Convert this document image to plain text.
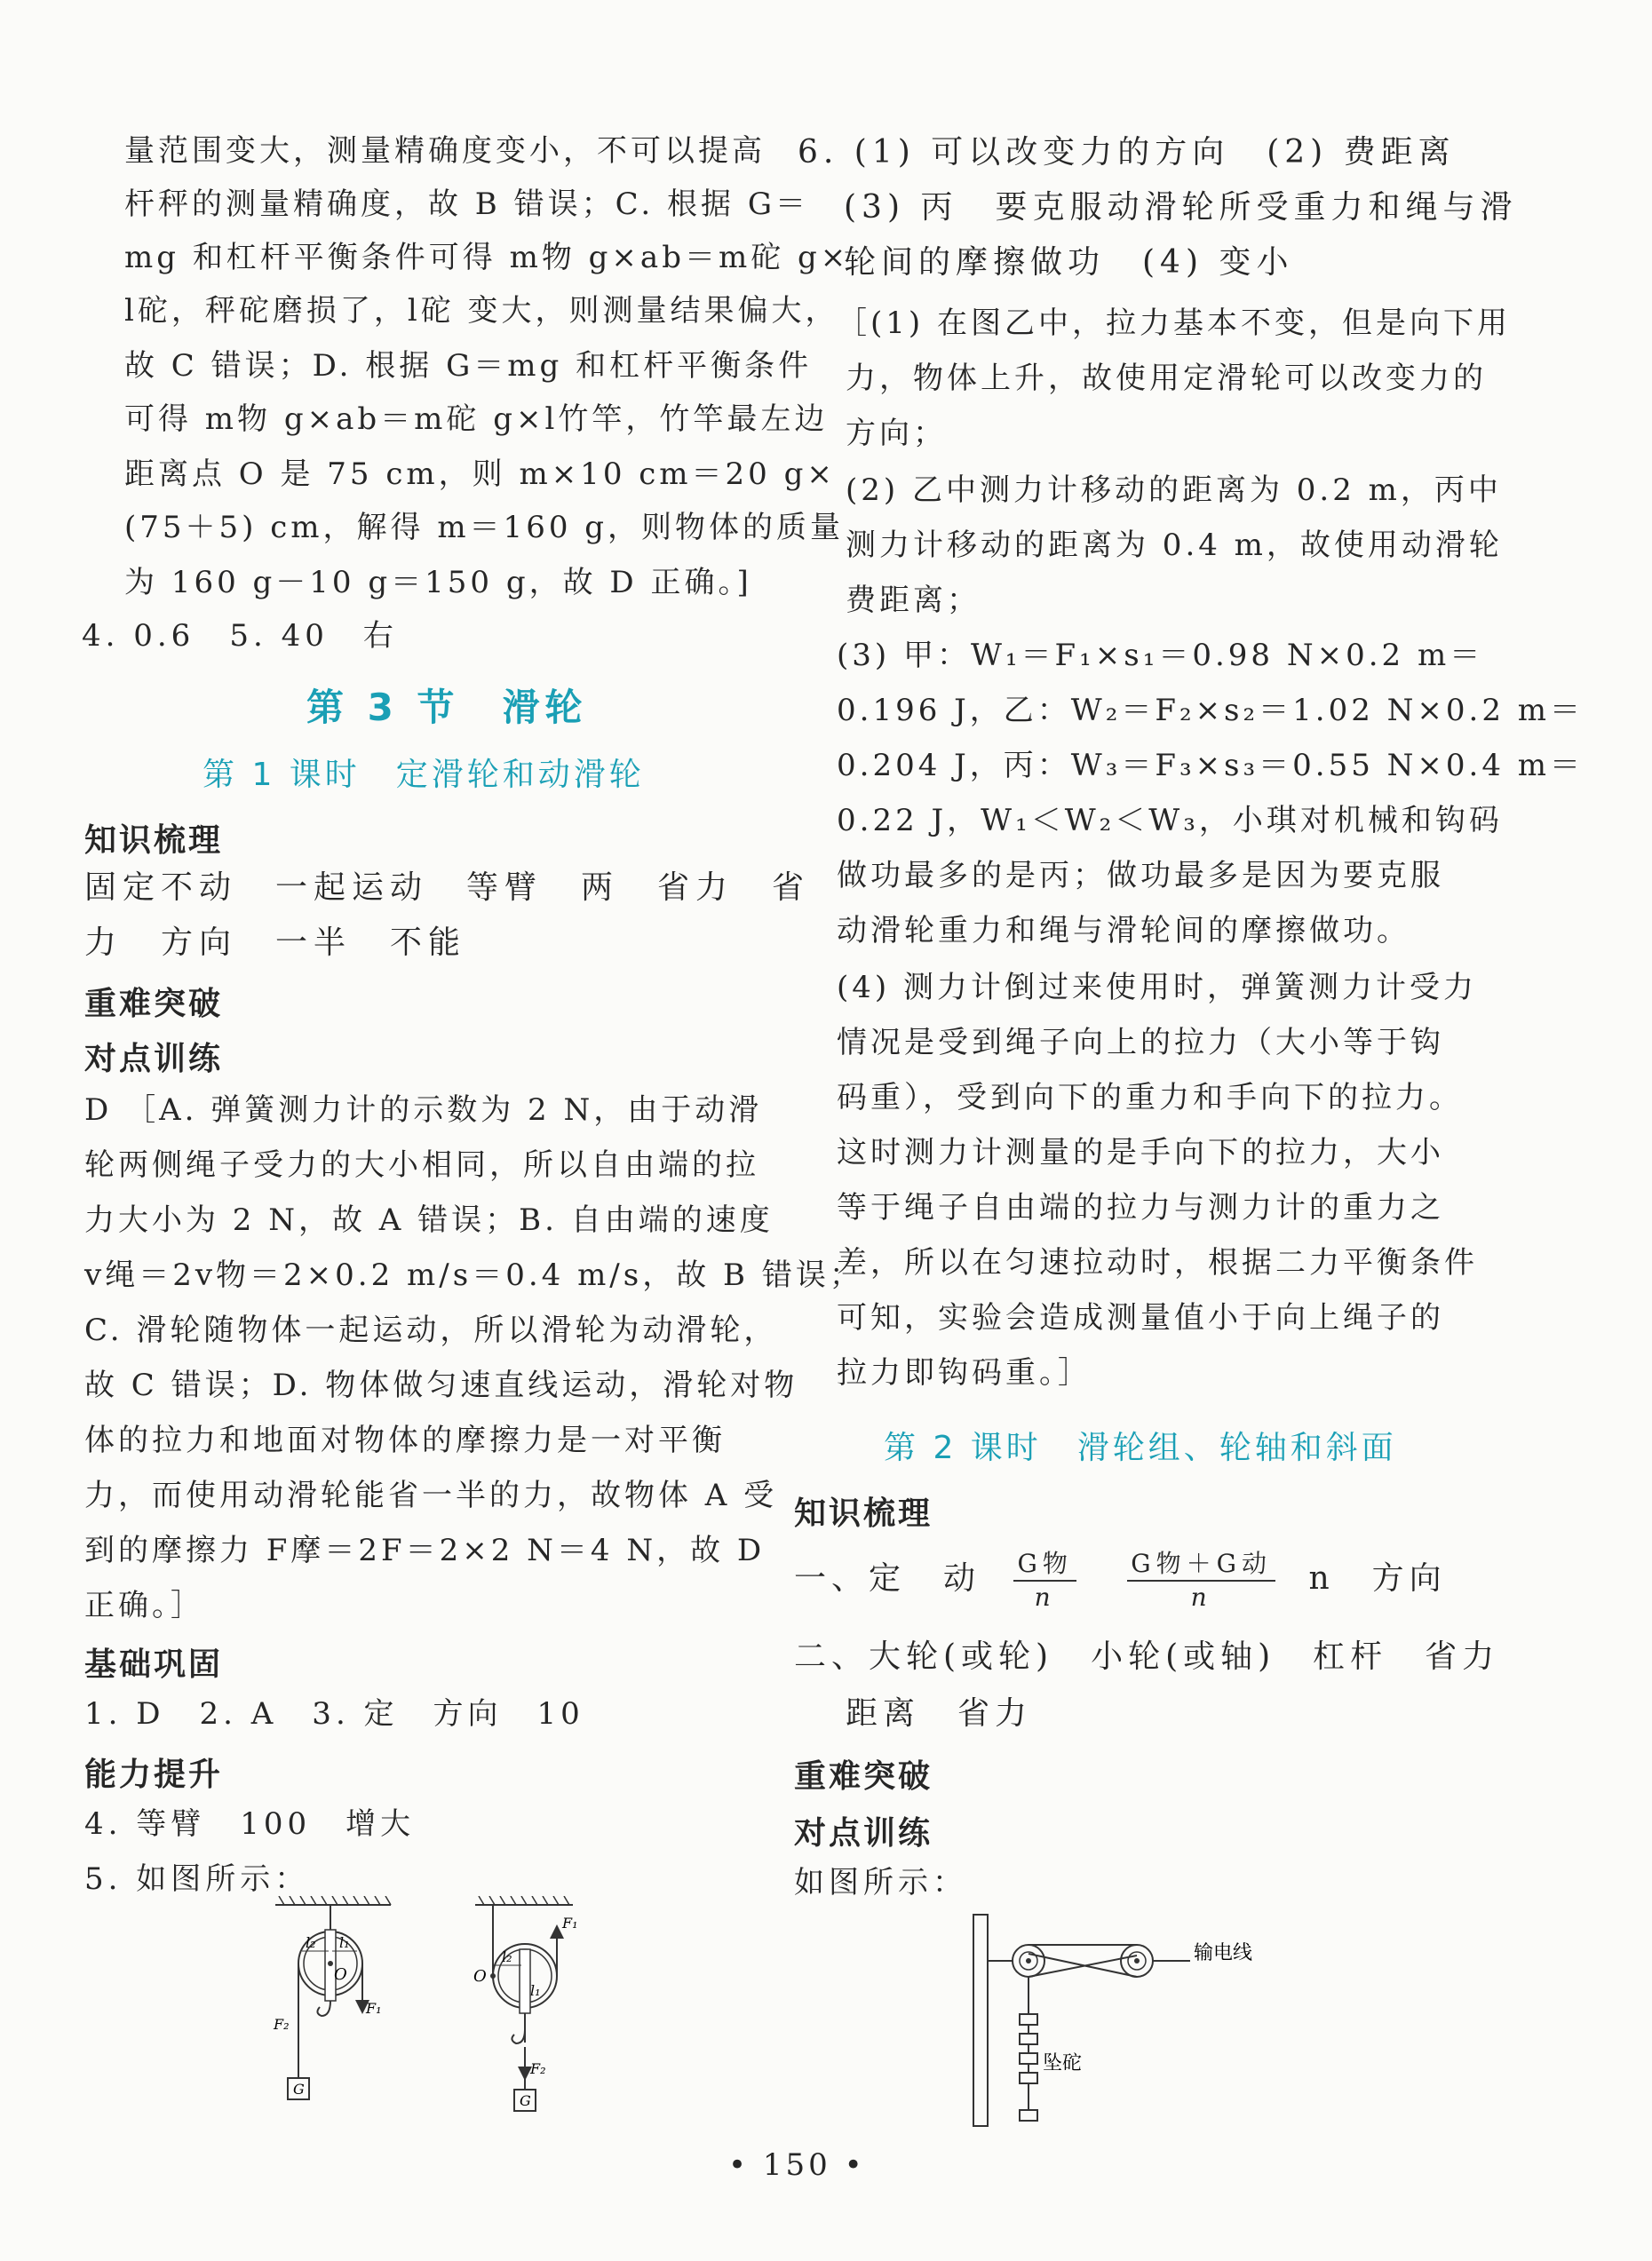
量范围变大，测量精确度变小，不可以提高
杆秤的测量精确度，故 B 错误；C. 根据 G＝
mg 和杠杆平衡条件可得 m物 g×ab＝m砣 g×
l砣，秤砣磨损了，l砣 变大，则测量结果偏大，
故 C 错误；D. 根据 G＝mg 和杠杆平衡条件
可得 m物 g×ab＝m砣 g×l竹竿，竹竿最左边
距离点 O 是 75 cm，则 m×10 cm＝20 g×
(75＋5) cm，解得 m＝160 g，则物体的质量
为 160 g－10 g＝150 g，故 D 正确。]
4. 0.6　5. 40　右
第 3 节　滑轮
第 1 课时　定滑轮和动滑轮
知识梳理
固定不动　一起运动　等臂　两　省力　省
力　方向　一半　不能
重难突破
对点训练
D ［A. 弹簧测力计的示数为 2 N，由于动滑
轮两侧绳子受力的大小相同，所以自由端的拉
力大小为 2 N，故 A 错误；B. 自由端的速度
v绳＝2v物＝2×0.2 m/s＝0.4 m/s，故 B 错误；
C. 滑轮随物体一起运动，所以滑轮为动滑轮，
故 C 错误；D. 物体做匀速直线运动，滑轮对物
体的拉力和地面对物体的摩擦力是一对平衡
力，而使用动滑轮能省一半的力，故物体 A 受
到的摩擦力 F摩＝2F＝2×2 N＝4 N，故 D
正确。］
基础巩固
1. D　2. A　3. 定　方向　10
能力提升
4. 等臂　100　增大
5. 如图所示：
l₂ l₁
O
F₁
F₂
G
l₂
l₁
O
F₁
F₂
G
6. (1) 可以改变力的方向　(2) 费距离
(3) 丙　要克服动滑轮所受重力和绳与滑
轮间的摩擦做功　(4) 变小
［(1) 在图乙中，拉力基本不变，但是向下用
力，物体上升，故使用定滑轮可以改变力的
方向；
(2) 乙中测力计移动的距离为 0.2 m，丙中
测力计移动的距离为 0.4 m，故使用动滑轮
费距离；
(3) 甲：W₁＝F₁×s₁＝0.98 N×0.2 m＝
0.196 J，乙：W₂＝F₂×s₂＝1.02 N×0.2 m＝
0.204 J，丙：W₃＝F₃×s₃＝0.55 N×0.4 m＝
0.22 J，W₁＜W₂＜W₃，小琪对机械和钩码
做功最多的是丙；做功最多是因为要克服
动滑轮重力和绳与滑轮间的摩擦做功。
(4) 测力计倒过来使用时，弹簧测力计受力
情况是受到绳子向上的拉力（大小等于钩
码重），受到向下的重力和手向下的拉力。
这时测力计测量的是手向下的拉力，大小
等于绳子自由端的拉力与测力计的重力之
差，所以在匀速拉动时，根据二力平衡条件
可知，实验会造成测量值小于向上绳子的
拉力即钩码重。］
第 2 课时　滑轮组、轮轴和斜面
知识梳理
一、定　动 $\frac{\text{G物}}{n}$
$\frac{\text{G物＋G动}}{n}$ n　方向
二、大轮(或轮)　小轮(或轴)　杠杆　省力
距离　省力
重难突破
对点训练
如图所示：
输电线
坠砣
• 150 •
